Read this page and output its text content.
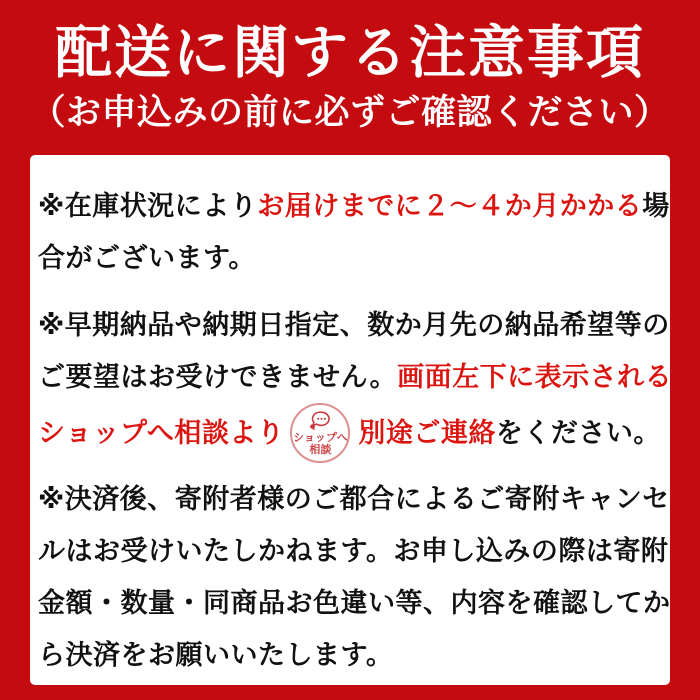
配送に関する注意事項
（お申込みの前に必ずご確認ください）

※在庫状況によりお届けまでに２～４か月かかる場
合がございます。

※早期納品や納期日指定、数か月先の納品希望等の
ご要望はお受けできません。画面左下に表示される
ショップへ相談より ショップへ
相談
別途ご連絡 をください。

※決済後、寄附者様のご都合によるご寄附キャンセ
ルはお受けいたしかねます。お申し込みの際は寄附
金額・数量・同商品お色違い等、内容を確認してか
ら決済をお願いいたします。
